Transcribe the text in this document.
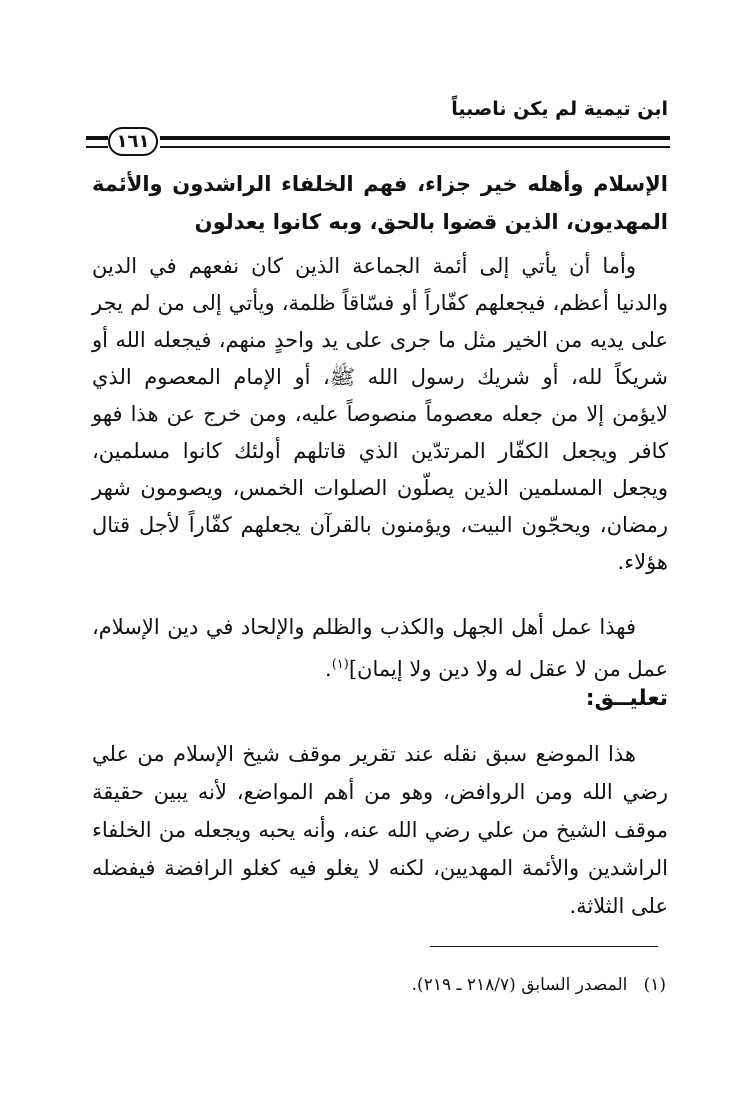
ابن تيمية لم يكن ناصبياً
١٦١

الإسلام وأهله خير جزاء، فهم الخلفاء الراشدون والأئمة المهديون، الذين قضوا بالحق، وبه كانوا يعدلون

وأما أن يأتي إلى أئمة الجماعة الذين كان نفعهم في الدين والدنيا أعظم، فيجعلهم كفّاراً أو فسّاقاً ظلمة، ويأتي إلى من لم يجر على يديه من الخير مثل ما جرى على يد واحدٍ منهم، فيجعله الله أو شريكاً لله، أو شريك رسول الله ﷺ، أو الإمام المعصوم الذي لايؤمن إلا من جعله معصوماً منصوصاً عليه، ومن خرج عن هذا فهو كافر ويجعل الكفّار المرتدّين الذي قاتلهم أولئك كانوا مسلمين، ويجعل المسلمين الذين يصلّون الصلوات الخمس، ويصومون شهر رمضان، ويحجّون البيت، ويؤمنون بالقرآن يجعلهم كفّاراً لأجل قتال هؤلاء.

فهذا عمل أهل الجهل والكذب والظلم والإلحاد في دين الإسلام، عمل من لا عقل له ولا دين ولا إيمان]$^{(١)}$.

تعليــق:

هذا الموضع سبق نقله عند تقرير موقف شيخ الإسلام من علي رضي الله ومن الروافض، وهو من أهم المواضع، لأنه يبين حقيقة موقف الشيخ من علي رضي الله عنه، وأنه يحبه ويجعله من الخلفاء الراشدين والأئمة المهديين، لكنه لا يغلو فيه كغلو الرافضة فيفضله على الثلاثة.

(١)   المصدر السابق (٢١٨/٧ ـ ٢١٩).
